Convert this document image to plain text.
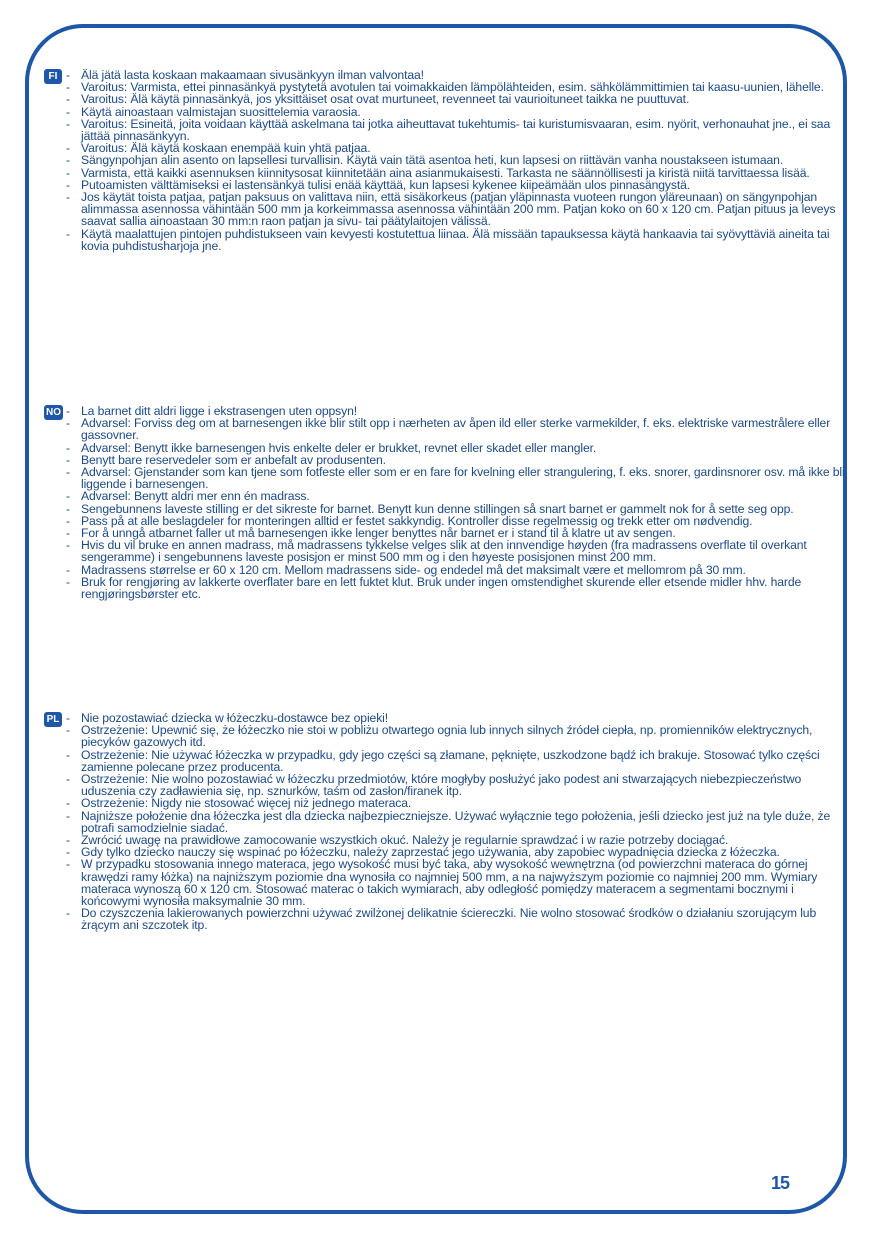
FI	- Älä jätä lasta koskaan makaamaan sivusänkyyn ilman valvontaa!
- Varoitus: Varmista, ettei pinnasänkyä pystytetä avotulen tai voimakkaiden lämpölähteiden, esim. sähkölämmittimien tai kaasu-uunien, lähelle.
- Varoitus: Älä käytä pinnasänkyä, jos yksittäiset osat ovat murtuneet, revenneet tai vaurioituneet taikka ne puuttuvat.
- Käytä ainoastaan valmistajan suosittelemia varaosia.
- Varoitus: Esineitä, joita voidaan käyttää askelmana tai jotka aiheuttavat tukehtumis- tai kuristumisvaaran, esim. nyörit, verhonauhat jne., ei saa jättää pinnasänkyyn.
- Varoitus: Älä käytä koskaan enempää kuin yhtä patjaa.
- Sängynpohjan alin asento on lapsellesi turvallisin. Käytä vain tätä asentoa heti, kun lapsesi on riittävän vanha noustakseen istumaan.
- Varmista, että kaikki asennuksen kiinnitysosat kiinnitetään aina asianmukaisesti. Tarkasta ne säännöllisesti ja kiristä niitä tarvittaessa lisää.
- Putoamisten välttämiseksi ei lastensänkyä tulisi enää käyttää, kun lapsesi kykenee kiipeämään ulos pinnasängystä.
- Jos käytät toista patjaa, patjan paksuus on valittava niin, että sisäkorkeus (patjan yläpinnasta vuoteen rungon yläreunaan) on sängynpohjan alimmassa asennossa vähintään 500 mm ja korkeimmassa asennossa vähintään 200 mm. Patjan koko on 60 x 120 cm. Patjan pituus ja leveys saavat sallia ainoastaan 30 mm:n raon patjan ja sivu- tai päätylaitojen välissä.
- Käytä maalattujen pintojen puhdistukseen vain kevyesti kostutettua liinaa. Älä missään tapauksessa käytä hankaavia tai syövyttäviä aineita tai kovia puhdistusharjoja jne.
NO - La barnet ditt aldri ligge i ekstrasengen uten oppsyn!
- Advarsel: Forviss deg om at barnesengen ikke blir stilt opp i nærheten av åpen ild eller sterke varmekilder, f. eks. elektriske varmestrålere eller gassovner.
- Advarsel: Benytt ikke barnesengen hvis enkelte deler er brukket, revnet eller skadet eller mangler.
- Benytt bare reservedeler som er anbefalt av produsenten.
- Advarsel: Gjenstander som kan tjene som fotfeste eller som er en fare for kvelning eller strangulering, f. eks. snorer, gardinsnorer osv. må ikke bli liggende i barnesengen.
- Advarsel: Benytt aldri mer enn én madrass.
- Sengebunnens laveste stilling er det sikreste for barnet. Benytt kun denne stillingen så snart barnet er gammelt nok for å sette seg opp.
- Pass på at alle beslagdeler for monteringen alltid er festet sakkyndig. Kontroller disse regelmessig og trekk etter om nødvendig.
- For å unngå atbarnet faller ut må barnesengen ikke lenger benyttes når barnet er i stand til å klatre ut av sengen.
- Hvis du vil bruke en annen madrass, må madrassens tykkelse velges slik at den innvendige høyden (fra madrassens overflate til overkant sengeramme) i sengebunnens laveste posisjon er minst 500 mm og i den høyeste posisjonen minst 200 mm.
- Madrassens størrelse er 60 x 120 cm. Mellom madrassens side- og endedel må det maksimalt være et mellomrom på 30 mm.
- Bruk for rengjøring av lakkerte overflater bare en lett fuktet klut. Bruk under ingen omstendighet skurende eller etsende midler hhv. harde rengjøringsbørster etc.
PL - Nie pozostawiać dziecka w łóżeczku-dostawce bez opieki!
- Ostrzeżenie: Upewnić się, że łóżeczko nie stoi w pobliżu otwartego ognia lub innych silnych źródeł ciepła, np. promienników elektrycznych, piecyków gazowych itd.
- Ostrzeżenie: Nie używać łóżeczka w przypadku, gdy jego części są złamane, pęknięte, uszkodzone bądź ich brakuje. Stosować tylko części zamienne polecane przez producenta.
- Ostrzeżenie: Nie wolno pozostawiać w łóżeczku przedmiotów, które mogłyby posłużyć jako podest ani stwarzających niebezpieczeństwo uduszenia czy zadławienia się, np. sznurków, taśm od zasłon/firanek itp.
- Ostrzeżenie: Nigdy nie stosować więcej niż jednego materaca.
- Najniższe położenie dna łóżeczka jest dla dziecka najbezpieczniejsze. Używać wyłącznie tego położenia, jeśli dziecko jest już na tyle duże, że potrafi samodzielnie siadać.
- Zwrócić uwagę na prawidłowe zamocowanie wszystkich okuć. Należy je regularnie sprawdzać i w razie potrzeby dociągać.
- Gdy tylko dziecko nauczy się wspinać po łóżeczku, należy zaprzestać jego używania, aby zapobiec wypadnięcia dziecka z łóżeczka.
- W przypadku stosowania innego materaca, jego wysokość musi być taka, aby wysokość wewnętrzna (od powierzchni materaca do górnej krawędzi ramy łóżka) na najniższym poziomie dna wynosiła co najmniej 500 mm, a na najwyższym poziomie co najmniej 200 mm. Wymiary materaca wynoszą 60 x 120 cm. Stosować materac o takich wymiarach, aby odległość pomiędzy materacem a segmentami bocznymi i końcowymi wynosiła maksymalnie 30 mm.
- Do czyszczenia lakierowanych powierzchni używać zwilżonej delikatnie ściereczki. Nie wolno stosować środków o działaniu szorującym lub żrącym ani szczotek itp.
15
